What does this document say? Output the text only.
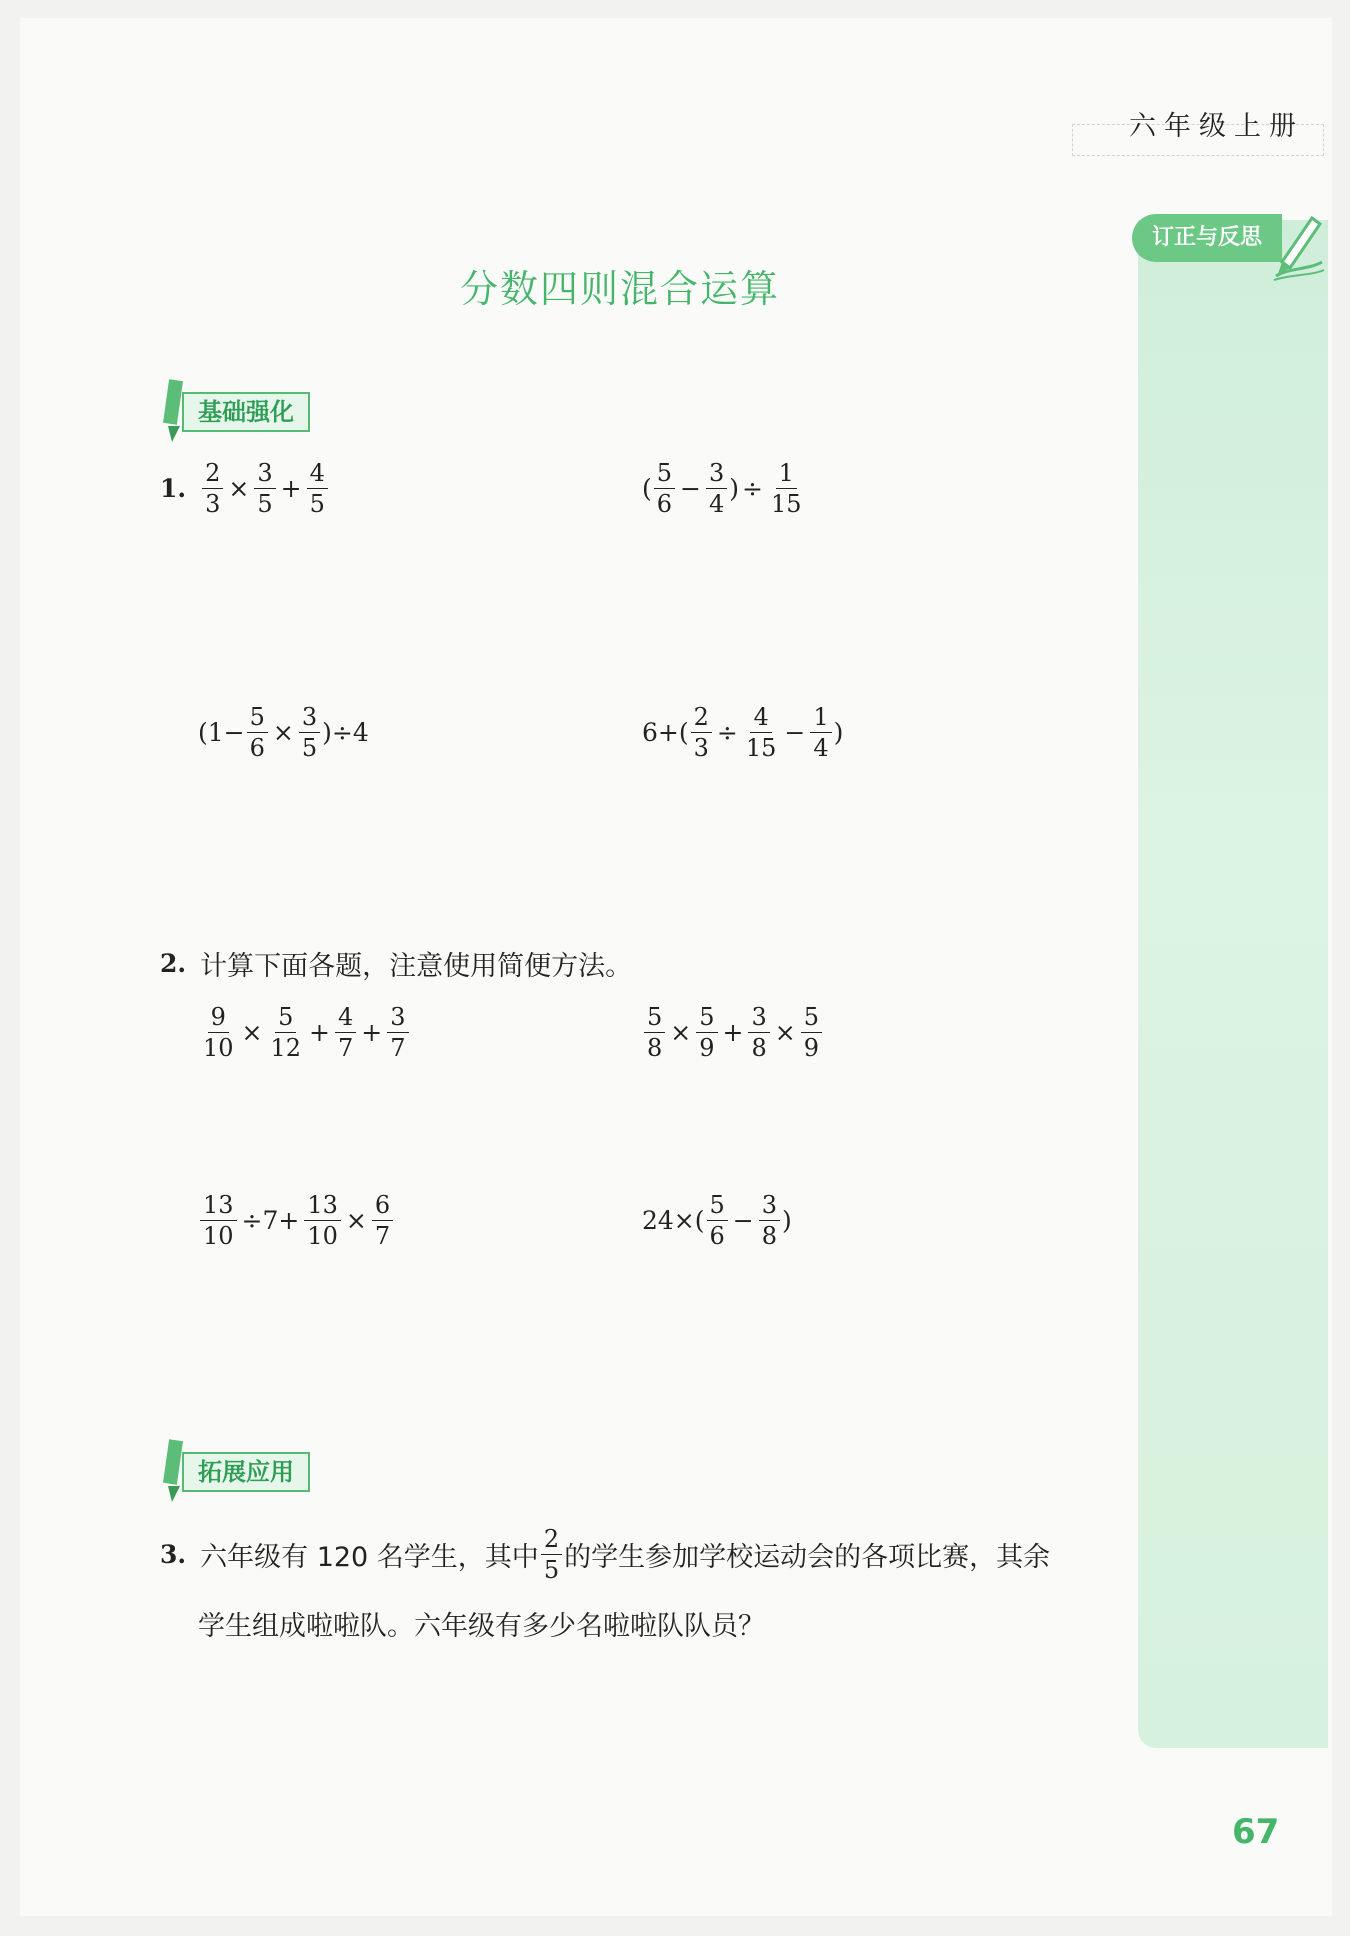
六年级上册
订正与反思
分数四则混合运算
基础强化
1. $\frac{2}{3} \times \frac{3}{5} + \frac{4}{5}$	( $\frac{5}{6} - \frac{3}{4}$ ) ÷ $\frac{1}{15}$
$(1- \frac{5}{6} \times \frac{3}{5} )\div 4$	$6+( \frac{2}{3} \div \frac{4}{15} - \frac{1}{4}$ )
2. 计算下面各题，注意使用简便方法。
$\frac{9}{10} \times \frac{5}{12} + \frac{4}{7} + \frac{3}{7}$	$\frac{5}{8} \times \frac{5}{9} + \frac{3}{8} \times \frac{5}{9}$
$\frac{13}{10} \div 7+ \frac{13}{10} \times \frac{6}{7}$	$24\times( \frac{5}{6} - \frac{3}{8}$ )
拓展应用
3. 六年级有 120 名学生，其中 $\frac{2}{5}$ 的学生参加学校运动会的各项比赛，其余
学生组成啦啦队。六年级有多少名啦啦队队员？
67
